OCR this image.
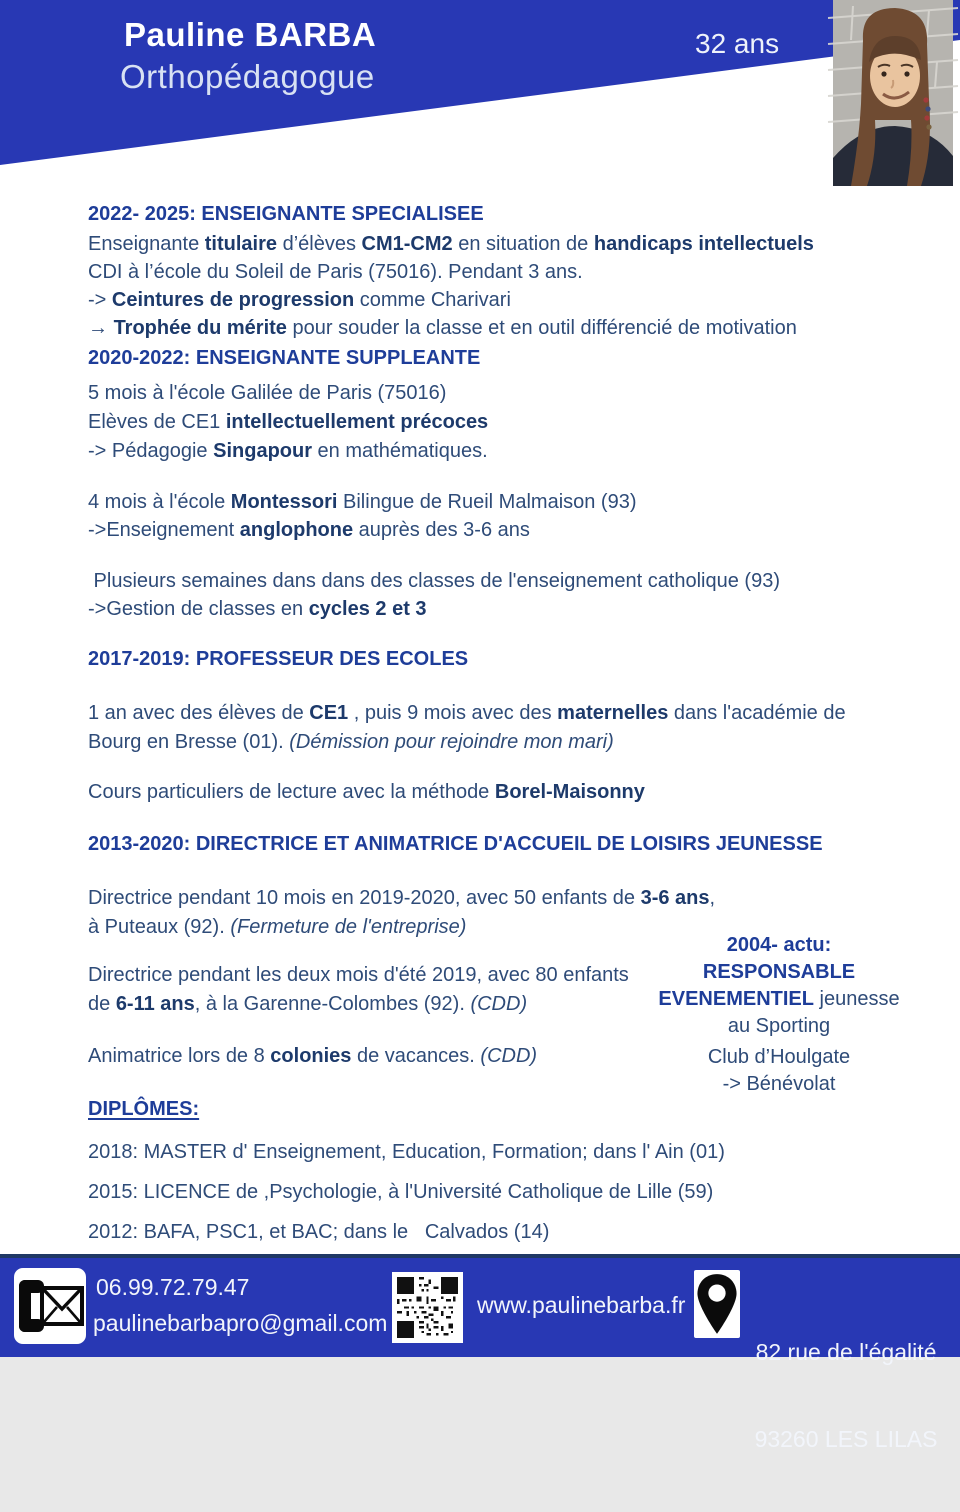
Pauline BARBA
Orthopédagogue
32 ans
2022- 2025: ENSEIGNANTE SPECIALISEE
Enseignante titulaire d’élèves CM1-CM2 en situation de handicaps intellectuels
CDI à l’école du Soleil de Paris (75016). Pendant 3 ans.
-> Ceintures de progression comme Charivari
→ Trophée du mérite pour souder la classe et en outil différencié de motivation
2020-2022: ENSEIGNANTE SUPPLEANTE
5 mois à l'école Galilée de Paris (75016)
Elèves de CE1 intellectuellement précoces
-> Pédagogie Singapour en mathématiques.
4 mois à l'école Montessori Bilingue de Rueil Malmaison (93)
->Enseignement anglophone auprès des 3-6 ans
Plusieurs semaines dans dans des classes de l'enseignement catholique (93)
->Gestion de classes en cycles 2 et 3
2017-2019: PROFESSEUR DES ECOLES
1 an avec des élèves de CE1 , puis 9 mois avec des maternelles dans l'académie de
Bourg en Bresse (01). (Démission pour rejoindre mon mari)
Cours particuliers de lecture avec la méthode Borel-Maisonny
2013-2020: DIRECTRICE ET ANIMATRICE D'ACCUEIL DE LOISIRS JEUNESSE
Directrice pendant 10 mois en 2019-2020, avec 50 enfants de 3-6 ans,
à Puteaux (92). (Fermeture de l'entreprise)
Directrice pendant les deux mois d'été 2019, avec 80 enfants
de 6-11 ans, à la Garenne-Colombes (92). (CDD)
Animatrice lors de 8 colonies de vacances. (CDD)
2004- actu:
RESPONSABLE
EVENEMENTIEL jeunesse
au Sporting
Club d’Houlgate
-> Bénévolat
DIPLÔMES:
2018: MASTER d' Enseignement, Education, Formation; dans l' Ain (01)
2015: LICENCE de ,Psychologie, à l'Université Catholique de Lille (59)
2012: BAFA, PSC1, et BAC; dans le   Calvados (14)
06.99.72.79.47
paulinebarbapro@gmail.com
www.paulinebarba.fr

82 rue de l'égalité

93260 LES LILAS
